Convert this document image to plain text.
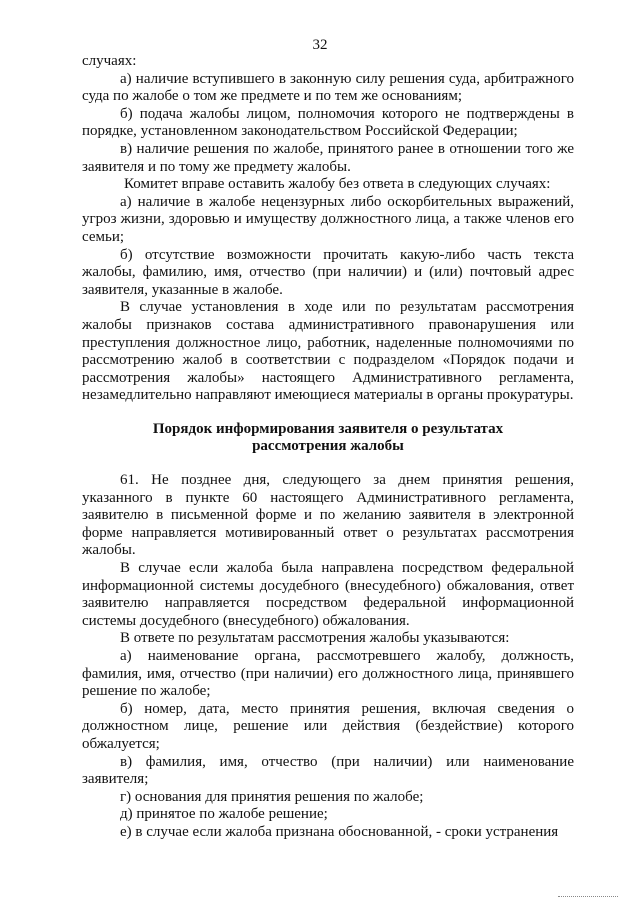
32

случаях:

а) наличие вступившего в законную силу решения суда, арбитражного суда по жалобе о том же предмете и по тем же основаниям;

б) подача жалобы лицом, полномочия которого не подтверждены в порядке, установленном законодательством Российской Федерации;

в) наличие решения по жалобе, принятого ранее в отношении того же заявителя и по тому же предмету жалобы.

Комитет вправе оставить жалобу без ответа в следующих случаях:

а) наличие в жалобе нецензурных либо оскорбительных выражений, угроз жизни, здоровью и имуществу должностного лица, а также членов его семьи;

б) отсутствие возможности прочитать какую-либо часть текста жалобы, фамилию, имя, отчество (при наличии) и (или) почтовый адрес заявителя, указанные в жалобе.

В случае установления в ходе или по результатам рассмотрения жалобы признаков состава административного правонарушения или преступления должностное лицо, работник, наделенные полномочиями по рассмотрению жалоб в соответствии с подразделом «Порядок подачи и рассмотрения жалобы» настоящего Административного регламента, незамедлительно направляют имеющиеся материалы в органы прокуратуры.

Порядок информирования заявителя о результатах рассмотрения жалобы

61. Не позднее дня, следующего за днем принятия решения, указанного в пункте 60 настоящего Административного регламента, заявителю в письменной форме и по желанию заявителя в электронной форме направляется мотивированный ответ о результатах рассмотрения жалобы.

В случае если жалоба была направлена посредством федеральной информационной системы досудебного (внесудебного) обжалования, ответ заявителю направляется посредством федеральной информационной системы досудебного (внесудебного) обжалования.

В ответе по результатам рассмотрения жалобы указываются:

а) наименование органа, рассмотревшего жалобу, должность, фамилия, имя, отчество (при наличии) его должностного лица, принявшего решение по жалобе;

б) номер, дата, место принятия решения, включая сведения о должностном лице, решение или действия (бездействие) которого обжалуется;

в) фамилия, имя, отчество (при наличии) или наименование заявителя;

г) основания для принятия решения по жалобе;

д) принятое по жалобе решение;

е) в случае если жалоба признана обоснованной, - сроки устранения
